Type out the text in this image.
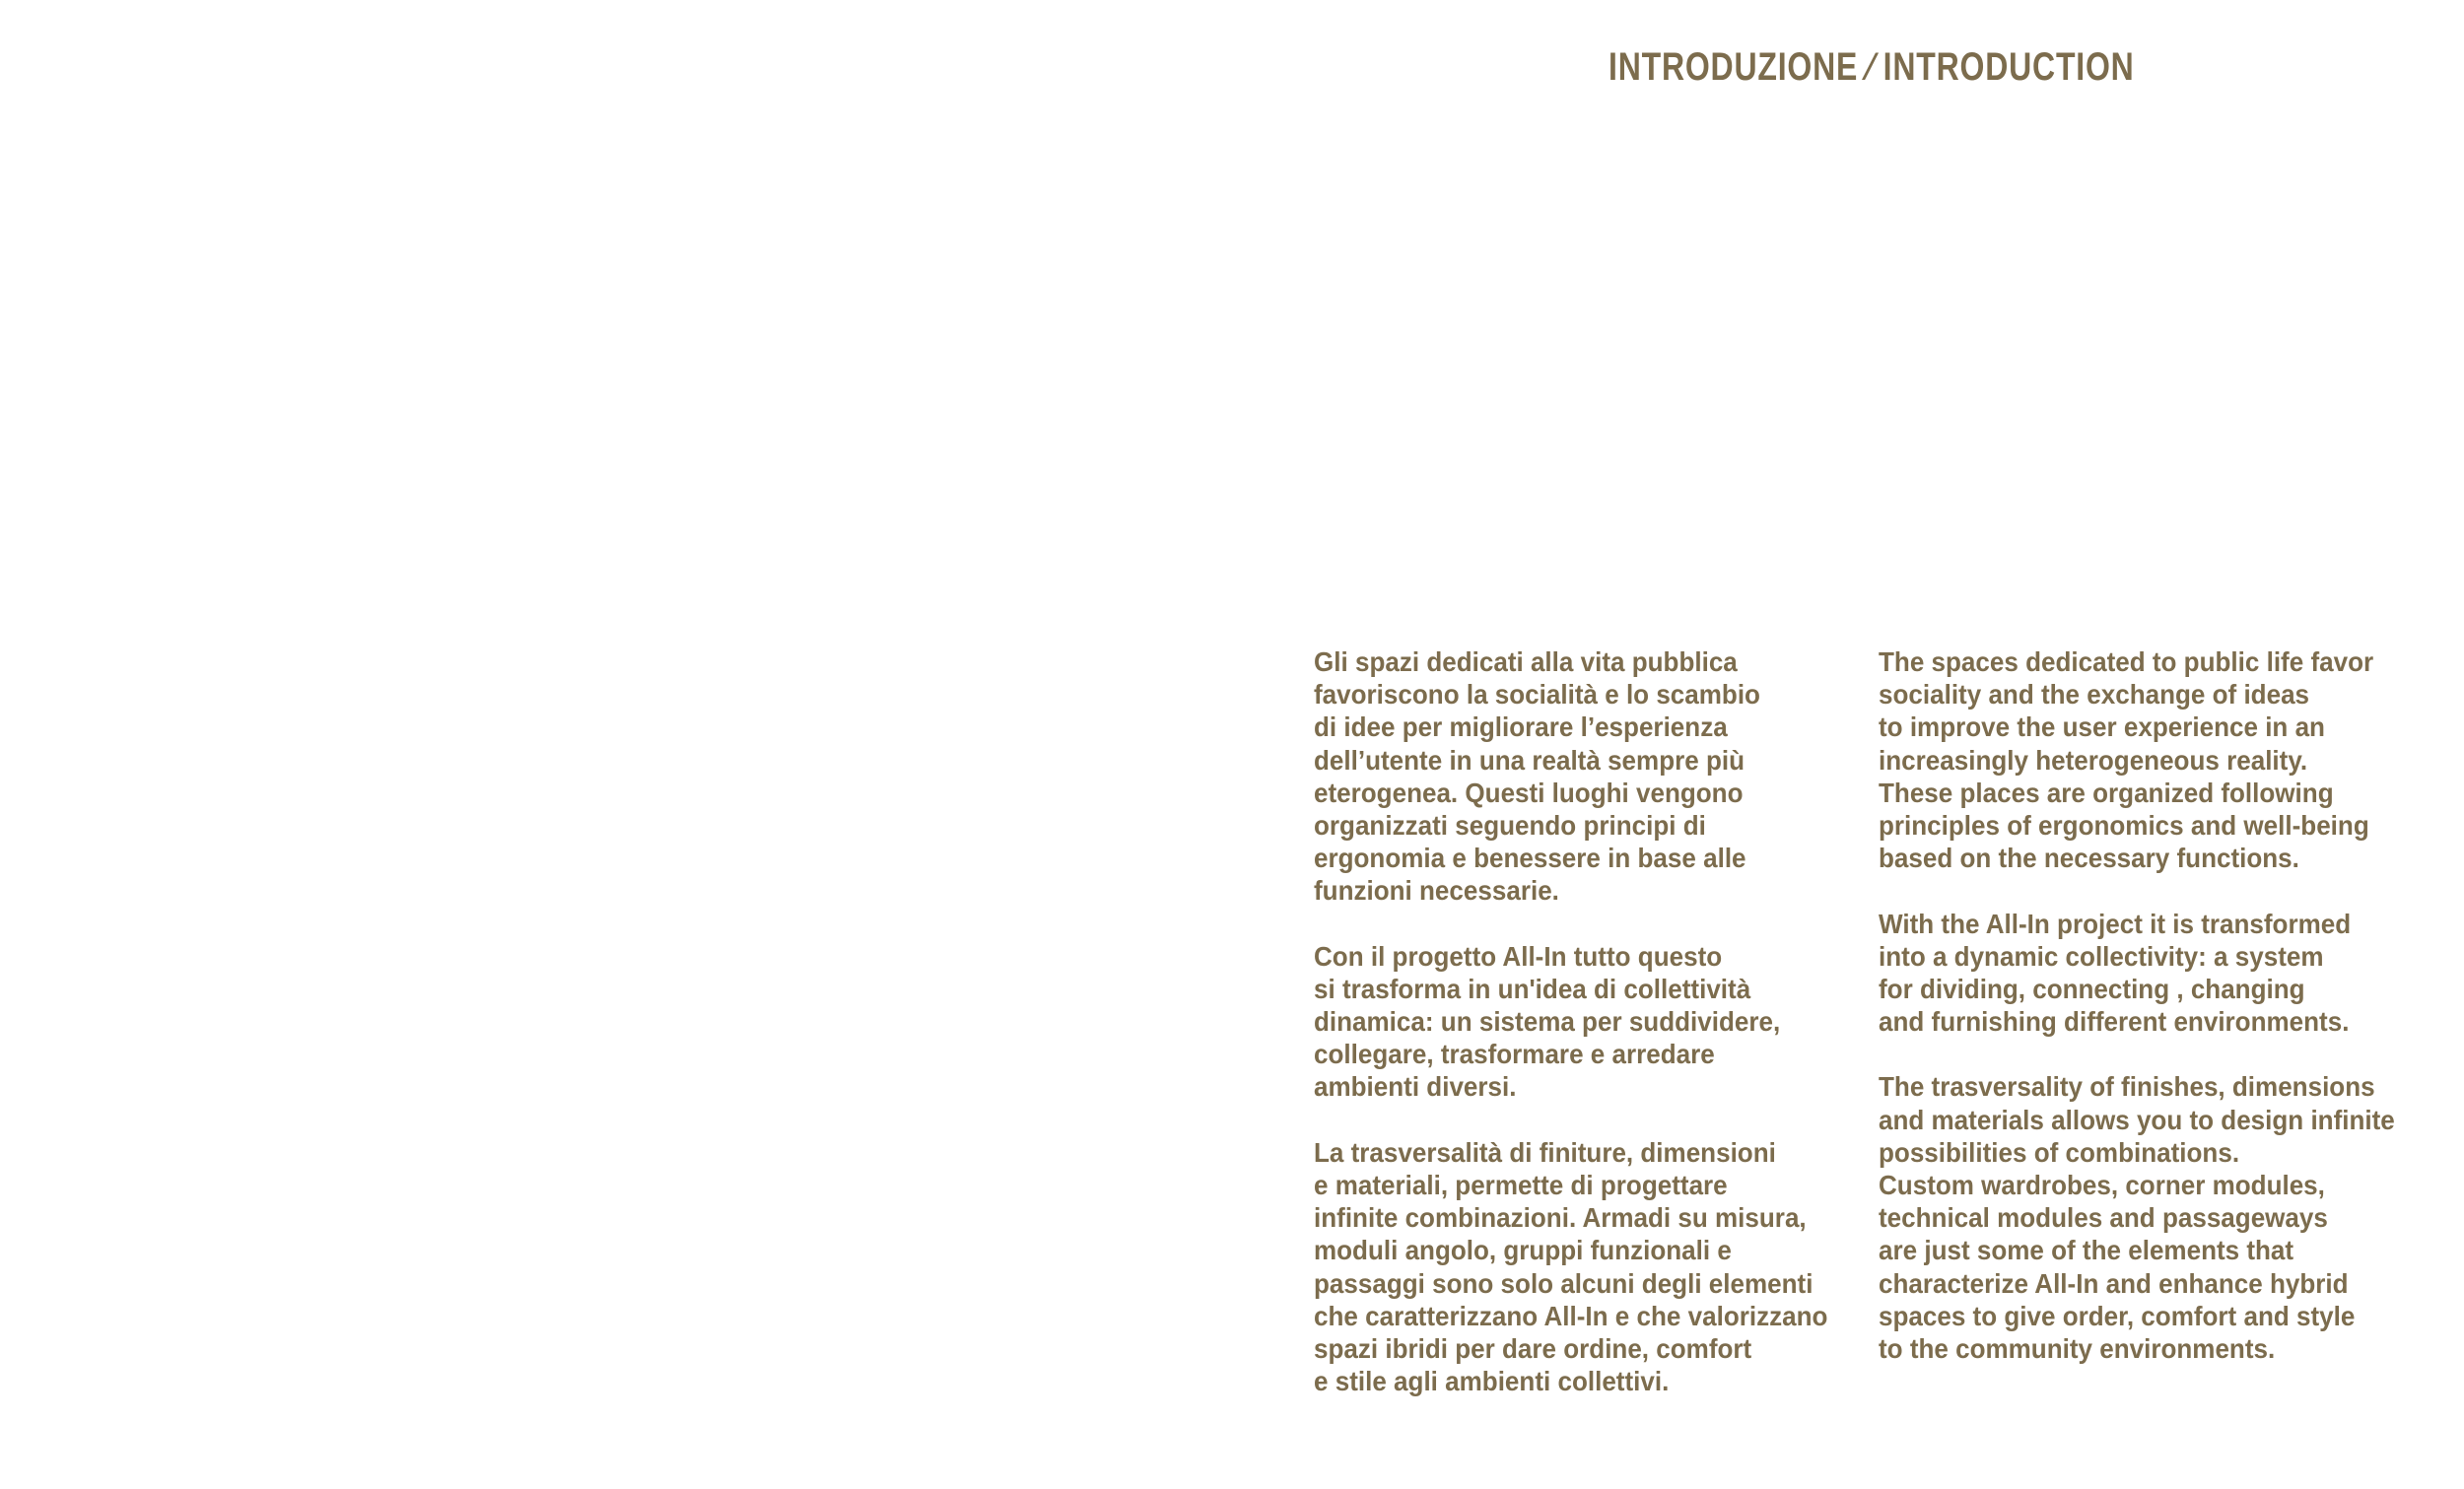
INTRODUZIONE ⁄ INTRODUCTION

Gli spazi dedicati alla vita pubblica
favoriscono la socialità e lo scambio
di idee per migliorare l’esperienza
dell’utente in una realtà sempre più
eterogenea. Questi luoghi vengono
organizzati seguendo principi di
ergonomia e benessere in base alle
funzioni necessarie.

Con il progetto All-In tutto questo
si trasforma in un'idea di collettività
dinamica: un sistema per suddividere,
collegare, trasformare e arredare
ambienti diversi.

La trasversalità di finiture, dimensioni
e materiali, permette di progettare
infinite combinazioni. Armadi su misura,
moduli angolo, gruppi funzionali e
passaggi sono solo alcuni degli elementi
che caratterizzano All-In e che valorizzano
spazi ibridi per dare ordine, comfort
e stile agli ambienti collettivi.

The spaces dedicated to public life favor
sociality and the exchange of ideas
to improve the user experience in an
increasingly heterogeneous reality.
These places are organized following
principles of ergonomics and well-being
based on the necessary functions.

With the All-In project it is transformed
into a dynamic collectivity: a system
for dividing, connecting , changing
and furnishing different environments.

The trasversality of finishes, dimensions
and materials allows you to design infinite
possibilities of combinations.
Custom wardrobes, corner modules,
technical modules and passageways
are just some of the elements that
characterize All-In and enhance hybrid
spaces to give order, comfort and style
to the community environments.
